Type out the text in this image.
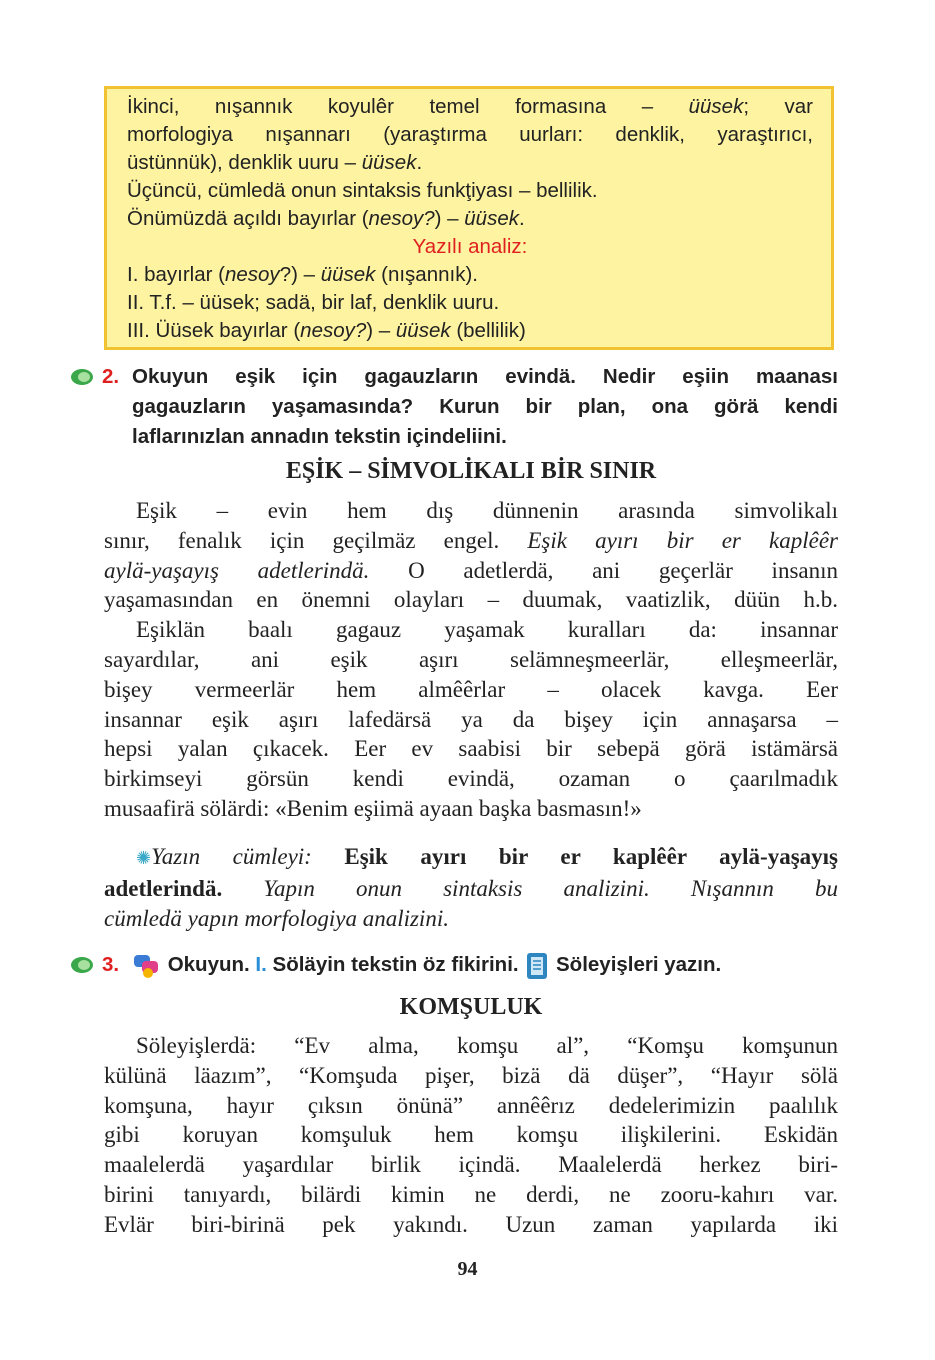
İkinci, nışannık koyulêr temel formasına – üüsek; var
morfologiya nışannarı (yaraştırma uurları: denklik, yaraştırıcı,
üstünnük), denklik uuru – üüsek.
Üçüncü, cümledä onun sintaksis funkţiyası – bellilik.
Önümüzdä açıldı bayırlar (nesoy?) – üüsek.
Yazılı analiz:
I. bayırlar (nesoy?) – üüsek (nışannık).
II. T.f. – üüsek; sadä, bir laf, denklik uuru.
III. Üüsek bayırlar (nesoy?) – üüsek (bellilik)
2. Okuyun eşik için gagauzların evindä. Nedir eşiin maanası
gagauzların yaşamasında? Kurun bir plan, ona görä kendi
laflarınızlan annadın tekstin içindeliini.
EŞİK – SİMVOLİKALI BİR SINIR
Eşik – evin hem dış dünnenin arasında simvolikalı
sınır, fenalık için geçilmäz engel. Eşik ayırı bir er kaplêêr
aylä-yaşayış adetlerindä. O adetlerdä, ani geçerlär insanın
yaşamasından en önemni olayları – duumak, vaatizlik, düün h.b.
Eşiklän baalı gagauz yaşamak kuralları da: insannar
sayardılar, ani eşik aşırı selämneşmeerlär, elleşmeerlär,
bişey vermeerlär hem almêêrlar – olacek kavga. Eer
insannar eşik aşırı lafedärsä ya da bişey için annaşarsa –
hepsi yalan çıkacek. Eer ev saabisi bir sebepä görä istämärsä
birkimseyi görsün kendi evindä, ozaman o çaarılmadık
musaafirä sölärdi: «Benim eşiimä ayaan başka basmasın!»
✺Yazın cümleyi: Eşik ayırı bir er kaplêêr aylä-yaşayış
adetlerindä. Yapın onun sintaksis analizini. Nışannın bu
cümledä yapın morfologiya analizini.
3.	Okuyun. I. Söläyin tekstin öz fikirini. Söleyişleri yazın.
KOMŞULUK
Söleyişlerdä: “Ev alma, komşu al”, “Komşu komşunun
külünä läazım”, “Komşuda pişer, bizä dä düşer”, “Hayır sölä
komşuna, hayır çıksın önünä” annêêrız dedelerimizin paalılık
gibi koruyan komşuluk hem komşu ilişkilerini. Eskidän
maalelerdä yaşardılar birlik içindä. Maalelerdä herkez biri-
birini tanıyardı, bilärdi kimin ne derdi, ne zooru-kahırı var.
Evlär biri-birinä pek yakındı. Uzun zaman yapılarda iki
94
